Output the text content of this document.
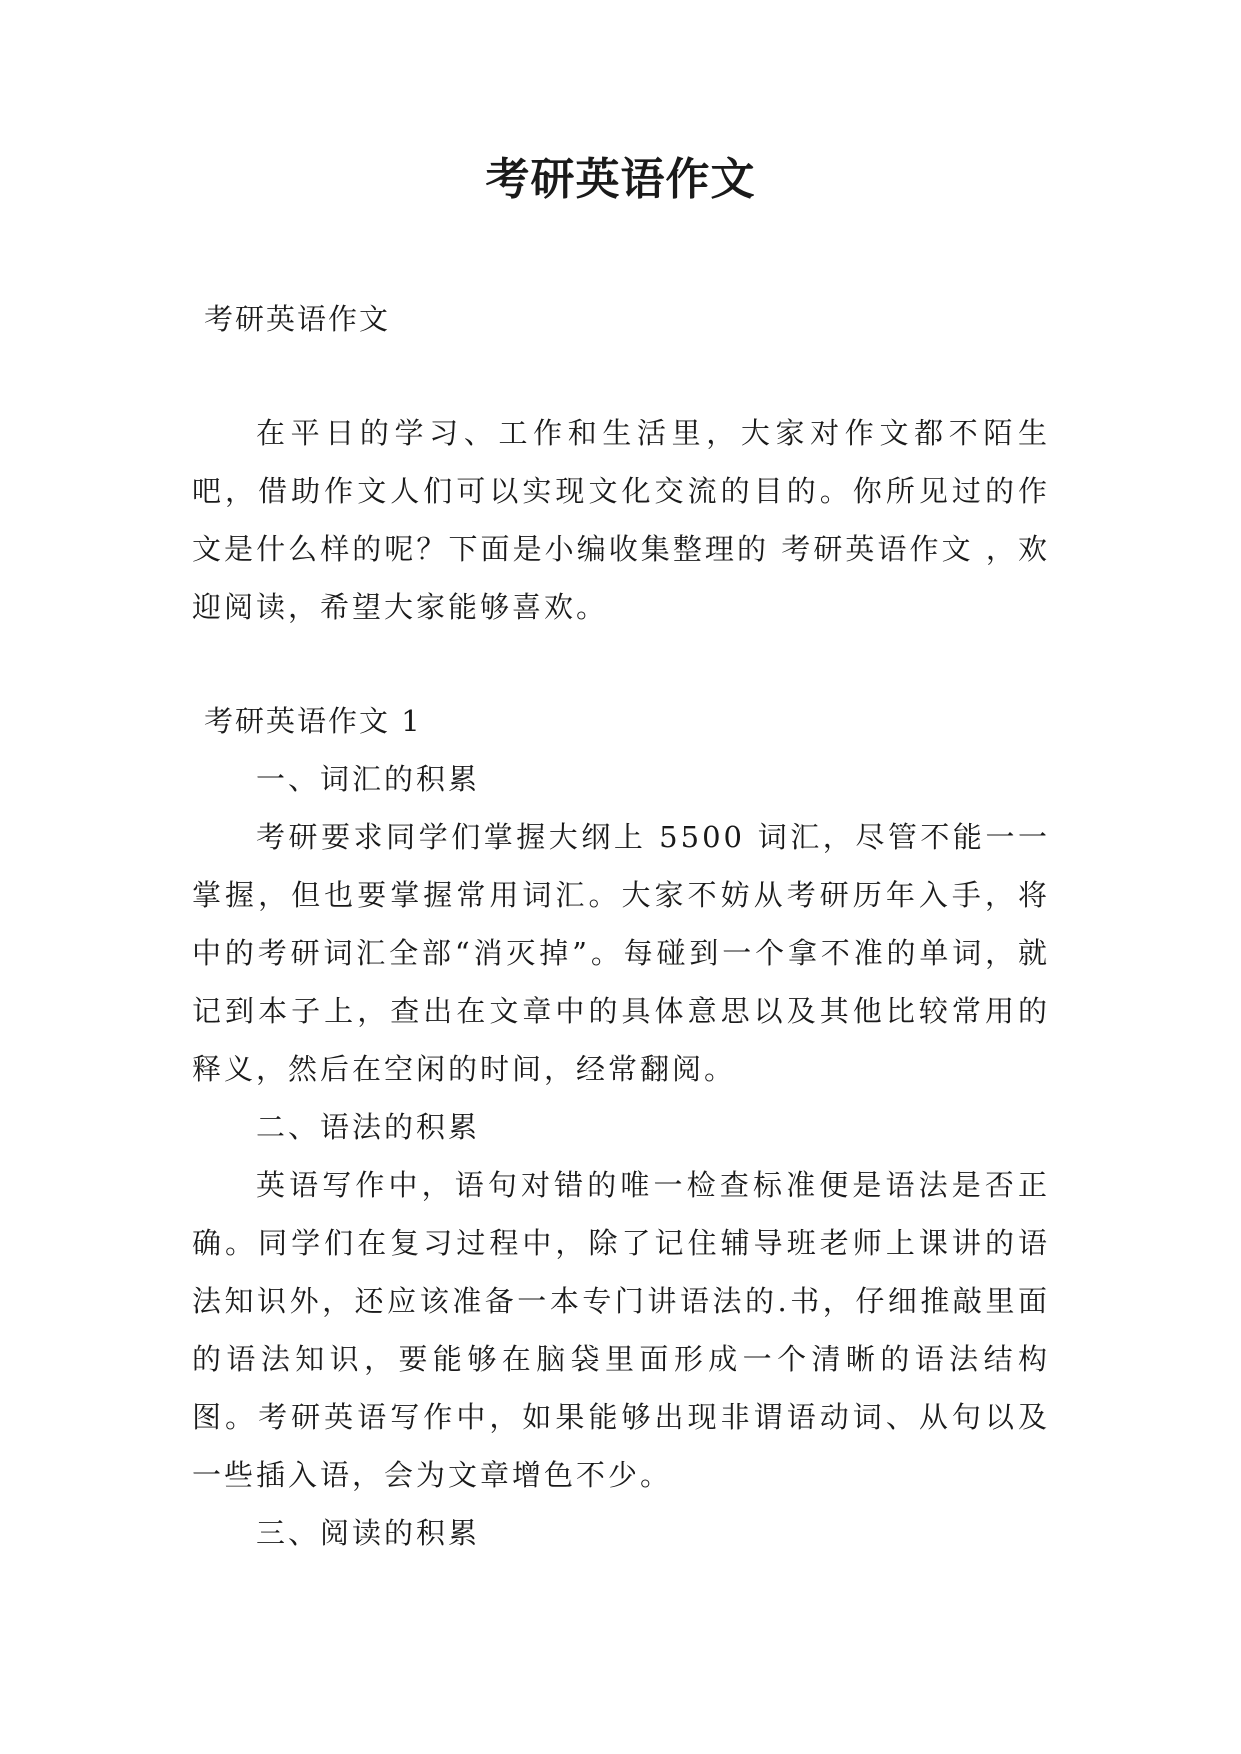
考研英语作文

考研英语作文

在平日的学习、工作和生活里，大家对作文都不陌生吧，借助作文人们可以实现文化交流的目的。你所见过的作文是什么样的呢？下面是小编收集整理的 考研英语作文 ，欢迎阅读，希望大家能够喜欢。

考研英语作文 1

一、词汇的积累

考研要求同学们掌握大纲上 5500 词汇，尽管不能一一掌握，但也要掌握常用词汇。大家不妨从考研历年入手，将中的考研词汇全部“消灭掉”。每碰到一个拿不准的单词，就记到本子上，查出在文章中的具体意思以及其他比较常用的释义，然后在空闲的时间，经常翻阅。

二、语法的积累

英语写作中，语句对错的唯一检查标准便是语法是否正确。同学们在复习过程中，除了记住辅导班老师上课讲的语法知识外，还应该准备一本专门讲语法的.书，仔细推敲里面的语法知识，要能够在脑袋里面形成一个清晰的语法结构图。考研英语写作中，如果能够出现非谓语动词、从句以及一些插入语，会为文章增色不少。

三、阅读的积累
